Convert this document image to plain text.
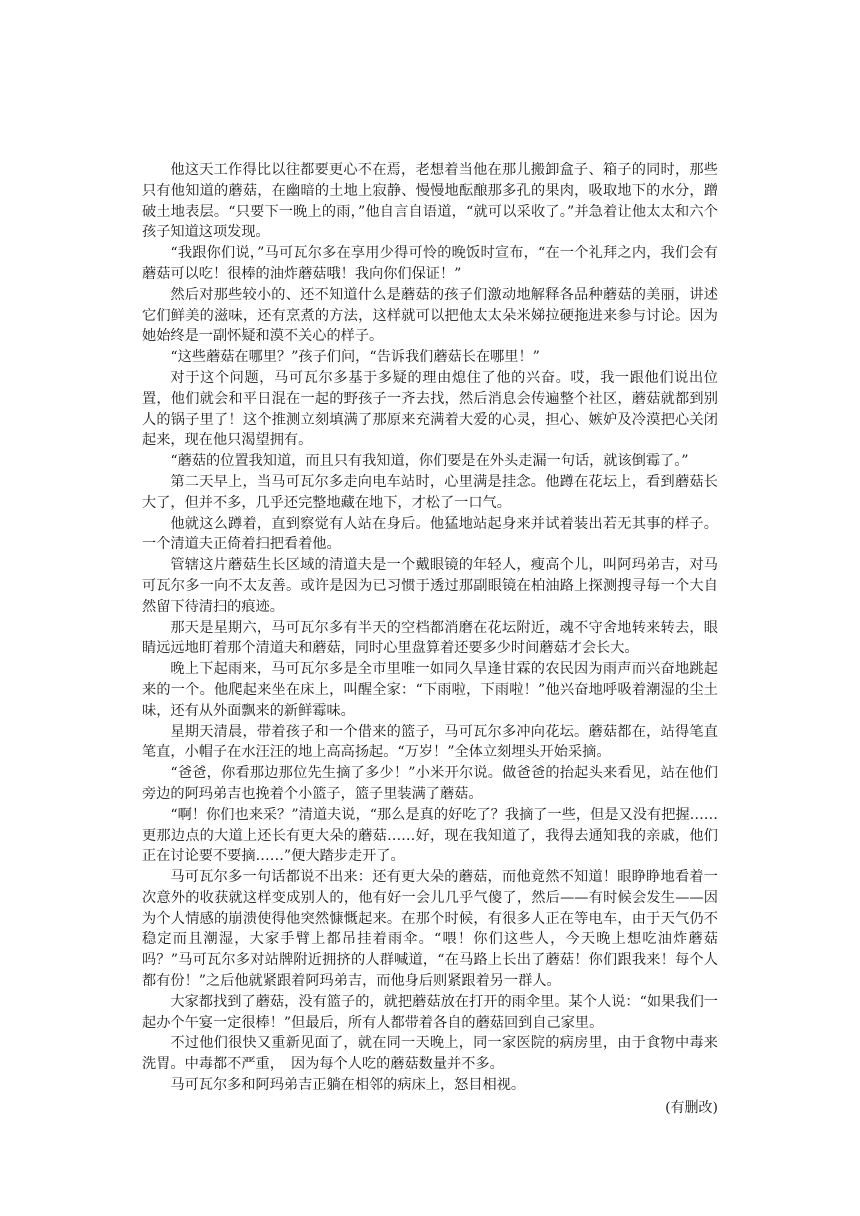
他这天工作得比以往都要更心不在焉，老想着当他在那儿搬卸盒子、箱子的同时，那些只有他知道的蘑菇，在幽暗的土地上寂静、慢慢地酝酿那多孔的果肉，吸取地下的水分，蹭破土地表层。“只要下一晚上的雨，”他自言自语道，“就可以采收了。”并急着让他太太和六个孩子知道这项发现。

“我跟你们说，”马可瓦尔多在享用少得可怜的晚饭时宣布，“在一个礼拜之内，我们会有蘑菇可以吃！很棒的油炸蘑菇哦！我向你们保证！”

然后对那些较小的、还不知道什么是蘑菇的孩子们激动地解释各品种蘑菇的美丽，讲述它们鲜美的滋味，还有烹煮的方法，这样就可以把他太太朵米娣拉硬拖进来参与讨论。因为她始终是一副怀疑和漠不关心的样子。

“这些蘑菇在哪里？”孩子们问，“告诉我们蘑菇长在哪里！”

对于这个问题，马可瓦尔多基于多疑的理由熄住了他的兴奋。哎，我一跟他们说出位置，他们就会和平日混在一起的野孩子一齐去找，然后消息会传遍整个社区，蘑菇就都到别人的锅子里了！这个推测立刻填满了那原来充满着大爱的心灵，担心、嫉妒及冷漠把心关闭起来，现在他只渴望拥有。

“蘑菇的位置我知道，而且只有我知道，你们要是在外头走漏一句话，就该倒霉了。”

第二天早上，当马可瓦尔多走向电车站时，心里满是挂念。他蹲在花坛上，看到蘑菇长大了，但并不多，几乎还完整地藏在地下，才松了一口气。

他就这么蹲着，直到察觉有人站在身后。他猛地站起身来并试着装出若无其事的样子。一个清道夫正倚着扫把看着他。

管辖这片蘑菇生长区域的清道夫是一个戴眼镜的年轻人，瘦高个儿，叫阿玛弟吉，对马可瓦尔多一向不太友善。或许是因为已习惯于透过那副眼镜在柏油路上探测搜寻每一个大自然留下待清扫的痕迹。

那天是星期六，马可瓦尔多有半天的空档都消磨在花坛附近，魂不守舍地转来转去，眼睛远远地盯着那个清道夫和蘑菇，同时心里盘算着还要多少时间蘑菇才会长大。

晚上下起雨来，马可瓦尔多是全市里唯一如同久旱逢甘霖的农民因为雨声而兴奋地跳起来的一个。他爬起来坐在床上，叫醒全家：“下雨啦，下雨啦！”他兴奋地呼吸着潮湿的尘土味，还有从外面飘来的新鲜霉味。

星期天清晨，带着孩子和一个借来的篮子，马可瓦尔多冲向花坛。蘑菇都在，站得笔直笔直，小帽子在水汪汪的地上高高扬起。“万岁！”全体立刻埋头开始采摘。

“爸爸，你看那边那位先生摘了多少！”小米开尔说。做爸爸的抬起头来看见，站在他们旁边的阿玛弟吉也挽着个小篮子，篮子里装满了蘑菇。

“啊！你们也来采？”清道夫说，“那么是真的好吃了？我摘了一些，但是又没有把握……更那边点的大道上还长有更大朵的蘑菇……好，现在我知道了，我得去通知我的亲戚，他们正在讨论要不要摘……”便大踏步走开了。

马可瓦尔多一句话都说不出来：还有更大朵的蘑菇，而他竟然不知道！眼睁睁地看着一次意外的收获就这样变成别人的，他有好一会儿几乎气傻了，然后——有时候会发生——因为个人情感的崩溃使得他突然慷慨起来。在那个时候，有很多人正在等电车，由于天气仍不稳定而且潮湿，大家手臂上都吊挂着雨伞。“喂！你们这些人，今天晚上想吃油炸蘑菇吗？”马可瓦尔多对站牌附近拥挤的人群喊道，“在马路上长出了蘑菇！你们跟我来！每个人都有份！”之后他就紧跟着阿玛弟吉，而他身后则紧跟着另一群人。

大家都找到了蘑菇，没有篮子的，就把蘑菇放在打开的雨伞里。某个人说：“如果我们一起办个午宴一定很棒！”但最后，所有人都带着各自的蘑菇回到自己家里。

不过他们很快又重新见面了，就在同一天晚上，同一家医院的病房里，由于食物中毒来洗胃。中毒都不严重，　因为每个人吃的蘑菇数量并不多。

马可瓦尔多和阿玛弟吉正躺在相邻的病床上，怒目相视。

(有删改)
